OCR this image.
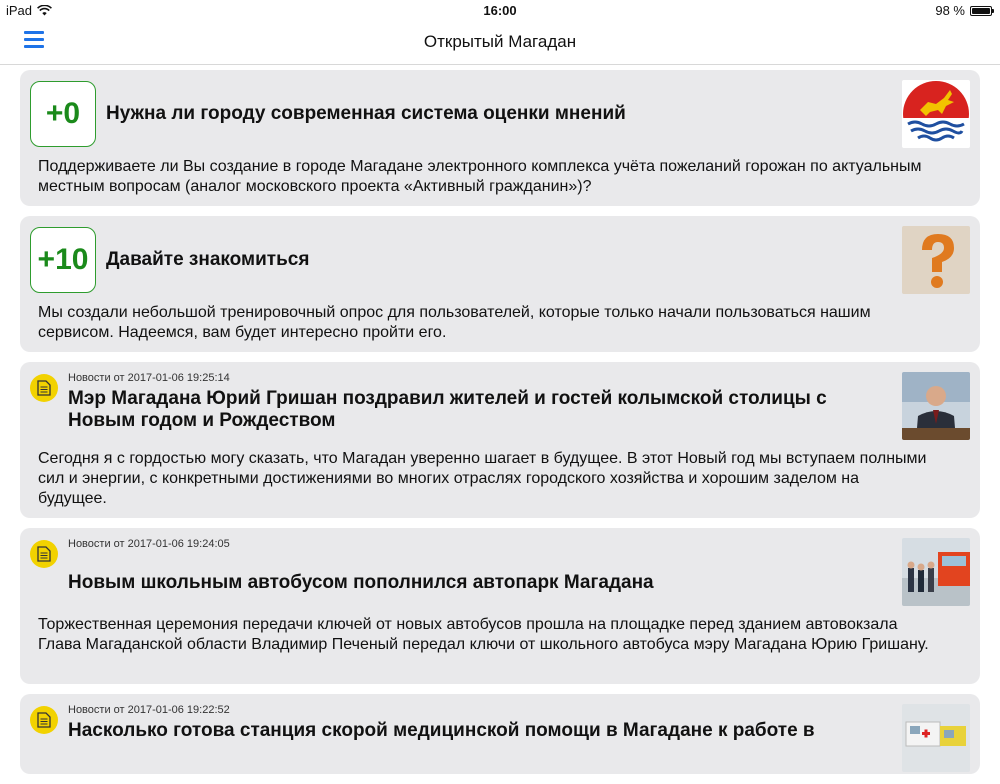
iPad	16:00	98 %
Открытый Магадан
+0	Нужна ли городу современная система оценки мнений
Поддерживаете ли Вы создание в городе Магадане электронного комплекса учёта пожеланий горожан по актуальным местным вопросам (аналог московского проекта «Активный гражданин»)?
+10 Давайте знакомиться
Мы создали небольшой тренировочный опрос для пользователей, которые только начали пользоваться нашим сервисом. Надеемся, вам будет интересно пройти его.
Новости от 2017-01-06 19:25:14
Мэр Магадана Юрий Гришан поздравил жителей и гостей колымской столицы с Новым годом и Рождеством
Сегодня я с гордостью могу сказать, что Магадан уверенно шагает в будущее. В этот Новый год мы вступаем полными сил и энергии, с конкретными достижениями во многих отраслях городского хозяйства и хорошим заделом на будущее.
Новости от 2017-01-06 19:24:05
Новым школьным автобусом пополнился автопарк Магадана
Торжественная церемония передачи ключей от новых автобусов прошла на площадке перед зданием автовокзала Глава Магаданской области Владимир Печеный передал ключи от школьного автобуса мэру Магадана Юрию Гришану.
Новости от 2017-01-06 19:22:52
Насколько готова станция скорой медицинской помощи в Магадане к работе в
